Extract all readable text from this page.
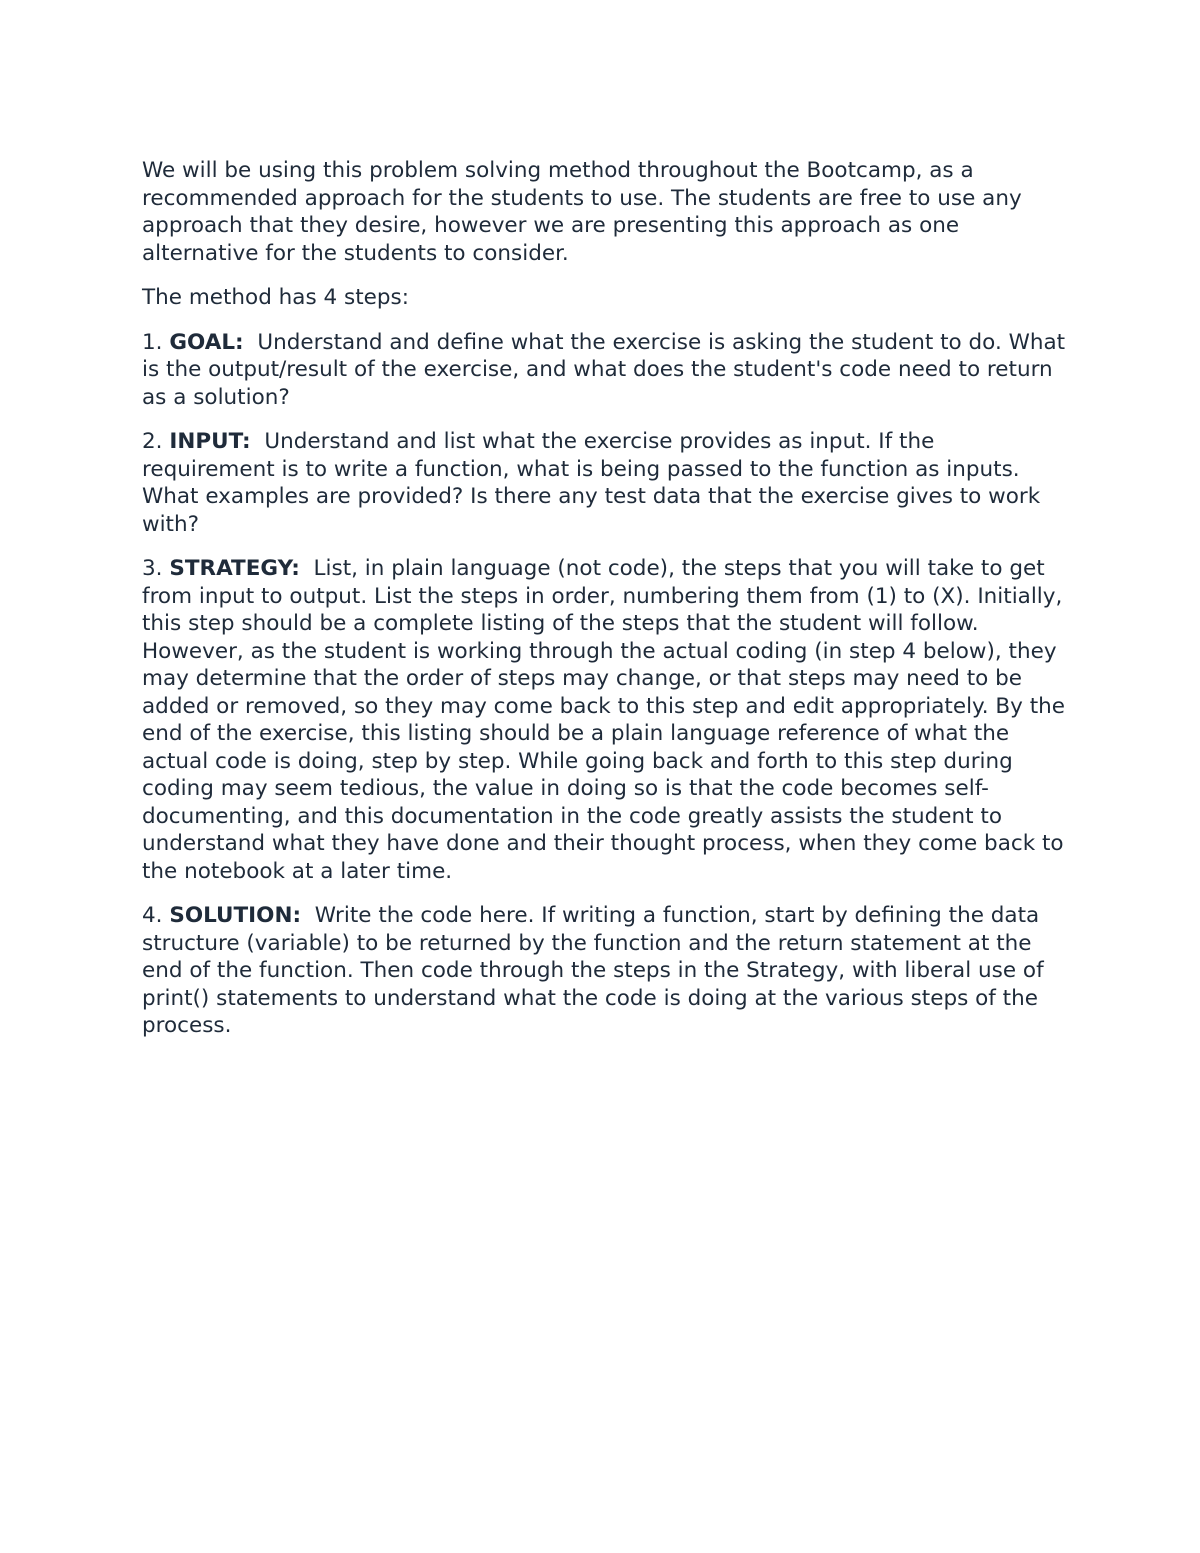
We will be using this problem solving method throughout the Bootcamp, as a recommended approach for the students to use. The students are free to use any approach that they desire, however we are presenting this approach as one alternative for the students to consider.

The method has 4 steps:

1. GOAL: Understand and define what the exercise is asking the student to do. What is the output/result of the exercise, and what does the student's code need to return as a solution?

2. INPUT: Understand and list what the exercise provides as input. If the requirement is to write a function, what is being passed to the function as inputs. What examples are provided? Is there any test data that the exercise gives to work with?

3. STRATEGY: List, in plain language (not code), the steps that you will take to get from input to output. List the steps in order, numbering them from (1) to (X). Initially, this step should be a complete listing of the steps that the student will follow. However, as the student is working through the actual coding (in step 4 below), they may determine that the order of steps may change, or that steps may need to be added or removed, so they may come back to this step and edit appropriately. By the end of the exercise, this listing should be a plain language reference of what the actual code is doing, step by step. While going back and forth to this step during coding may seem tedious, the value in doing so is that the code becomes self-documenting, and this documentation in the code greatly assists the student to understand what they have done and their thought process, when they come back to the notebook at a later time.

4. SOLUTION: Write the code here. If writing a function, start by defining the data structure (variable) to be returned by the function and the return statement at the end of the function. Then code through the steps in the Strategy, with liberal use of print() statements to understand what the code is doing at the various steps of the process.
